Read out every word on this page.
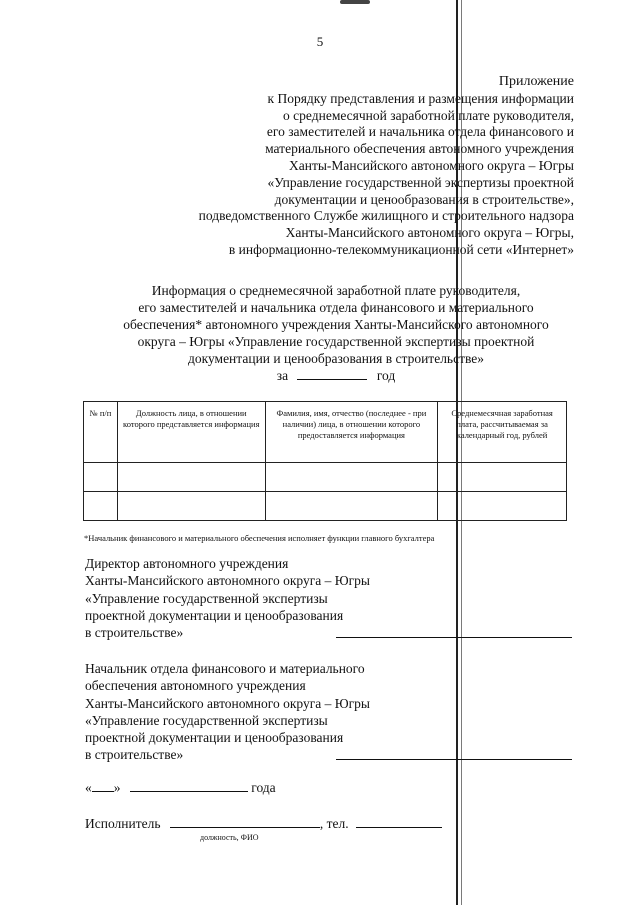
5
Приложение
к Порядку представления и размещения информации
о среднемесячной заработной плате руководителя,
его заместителей и начальника отдела финансового и
материального обеспечения автономного учреждения
Ханты-Мансийского автономного округа – Югры
«Управление государственной экспертизы проектной
документации и ценообразования в строительстве»,
подведомственного Службе жилищного и строительного надзора
Ханты-Мансийского автономного округа – Югры,
в информационно-телекоммуникационной сети «Интернет»
Информация о среднемесячной заработной плате руководителя,
его заместителей и начальника отдела финансового и материального
обеспечения* автономного учреждения Ханты-Мансийского автономного
округа – Югры «Управление государственной экспертизы проектной
документации и ценообразования в строительстве»
за	год
№ п/п	Должность лица, в отношении которого представляется информация	Фамилия, имя, отчество (последнее - при наличии) лица, в отношении которого предоставляется информация	Среднемесячная заработная плата, рассчитываемая за календарный год, рублей

*Начальник финансового и материального обеспечения исполняет функции главного бухгалтера
Директор автономного учреждения
Ханты-Мансийского автономного округа – Югры
«Управление государственной экспертизы
проектной документации и ценообразования
в строительстве»
Начальник отдела финансового и материального
обеспечения автономного учреждения
Ханты-Мансийского автономного округа – Югры
«Управление государственной экспертизы
проектной документации и ценообразования
в строительстве»
« »	года
Исполнитель	, тел.
должность, ФИО
